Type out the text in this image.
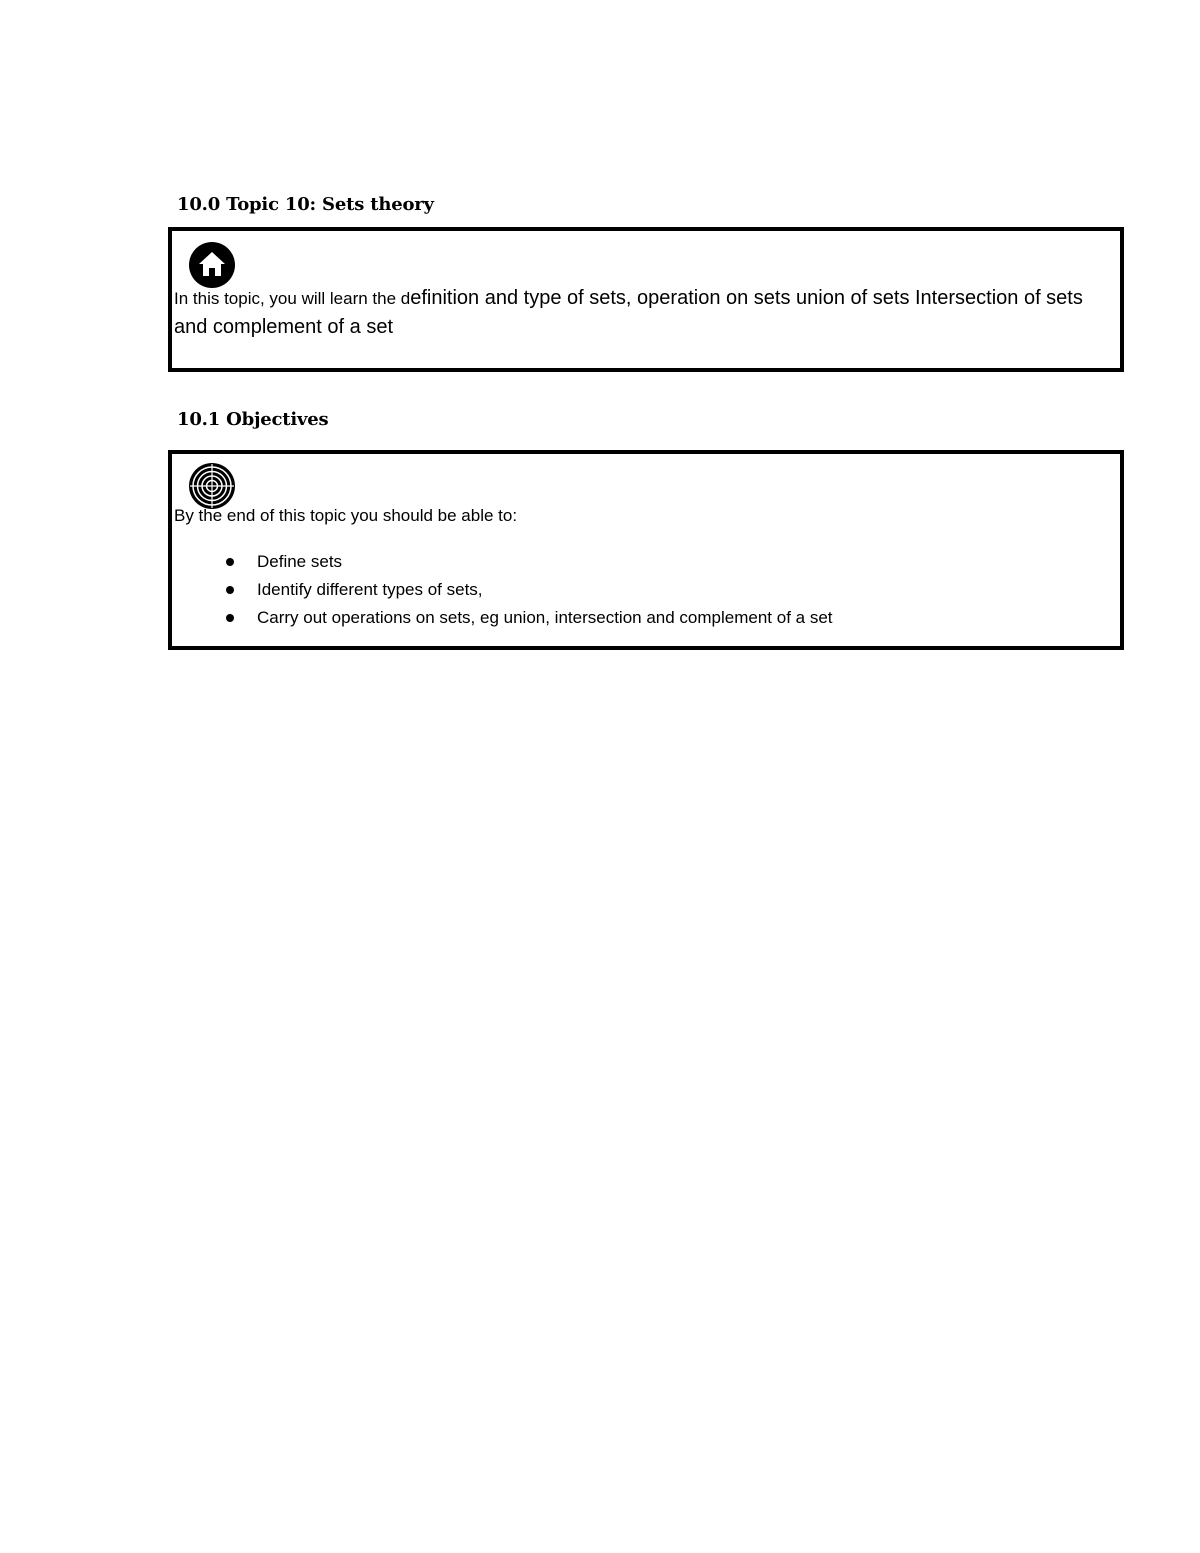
10.0 Topic 10: Sets theory

In this topic, you will learn the definition and type of sets, operation on sets union of sets Intersection of sets and complement of a set

10.1 Objectives

By the end of this topic you should be able to:

Define sets
Identify different types of sets,
Carry out operations on sets, eg union, intersection and complement of a set
